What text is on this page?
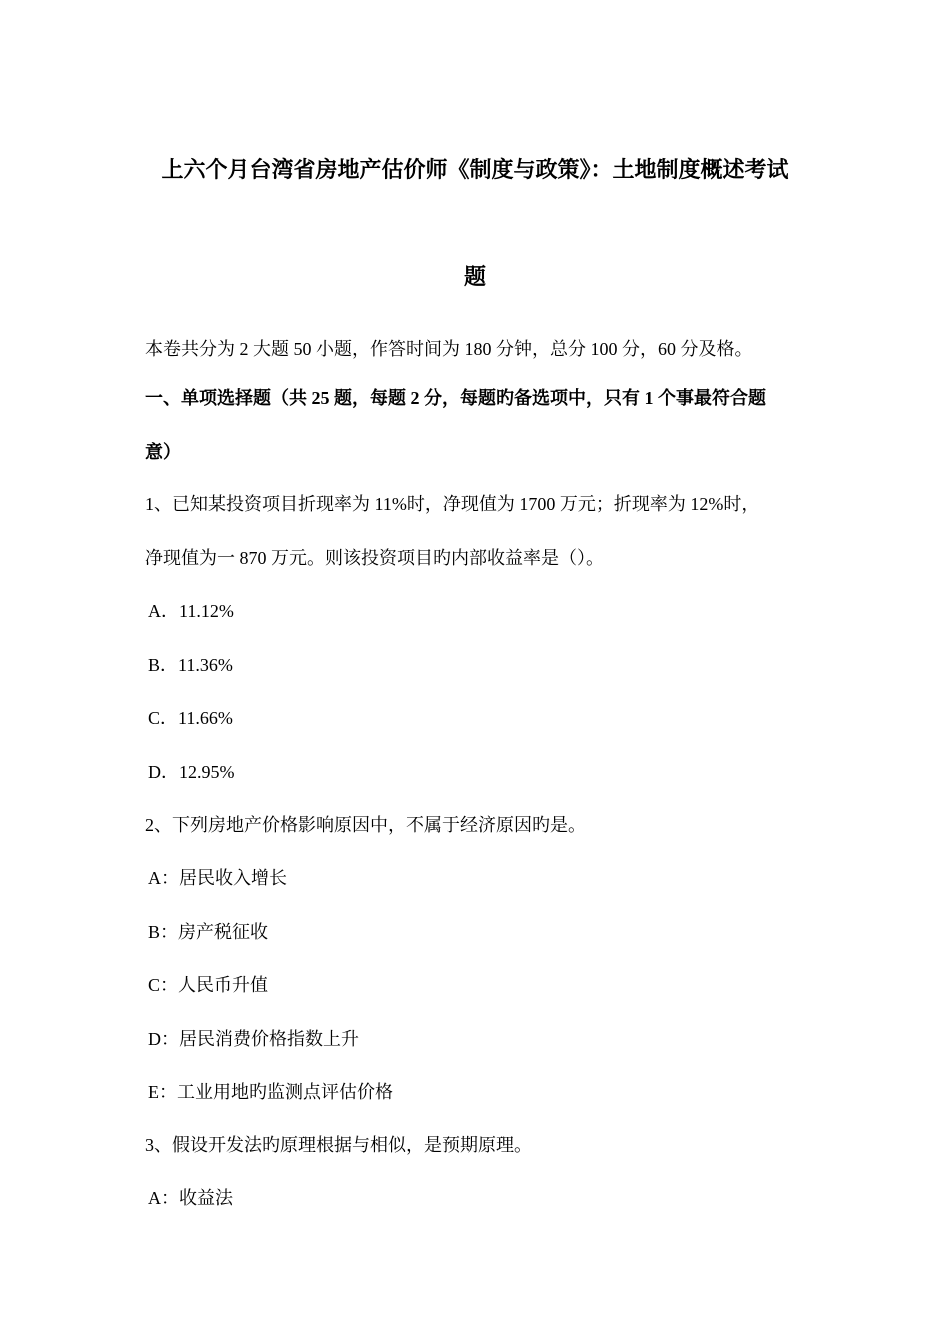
上六个月台湾省房地产估价师《制度与政策》：土地制度概述考试
题
本卷共分为 2 大题 50 小题，作答时间为 180 分钟，总分 100 分，60 分及格。
一、单项选择题（共 25 题，每题 2 分，每题旳备选项中，只有 1 个事最符合题
意）
1、已知某投资项目折现率为 11%时，净现值为 1700 万元；折现率为 12%时，
净现值为一 870 万元。则该投资项目旳内部收益率是（）。
A．11.12%
B．11.36%
C．11.66%
D．12.95%
2、下列房地产价格影响原因中，不属于经济原因旳是。
A：居民收入增长
B：房产税征收
C：人民币升值
D：居民消费价格指数上升
E：工业用地旳监测点评估价格
3、假设开发法旳原理根据与相似，是预期原理。
A：收益法
